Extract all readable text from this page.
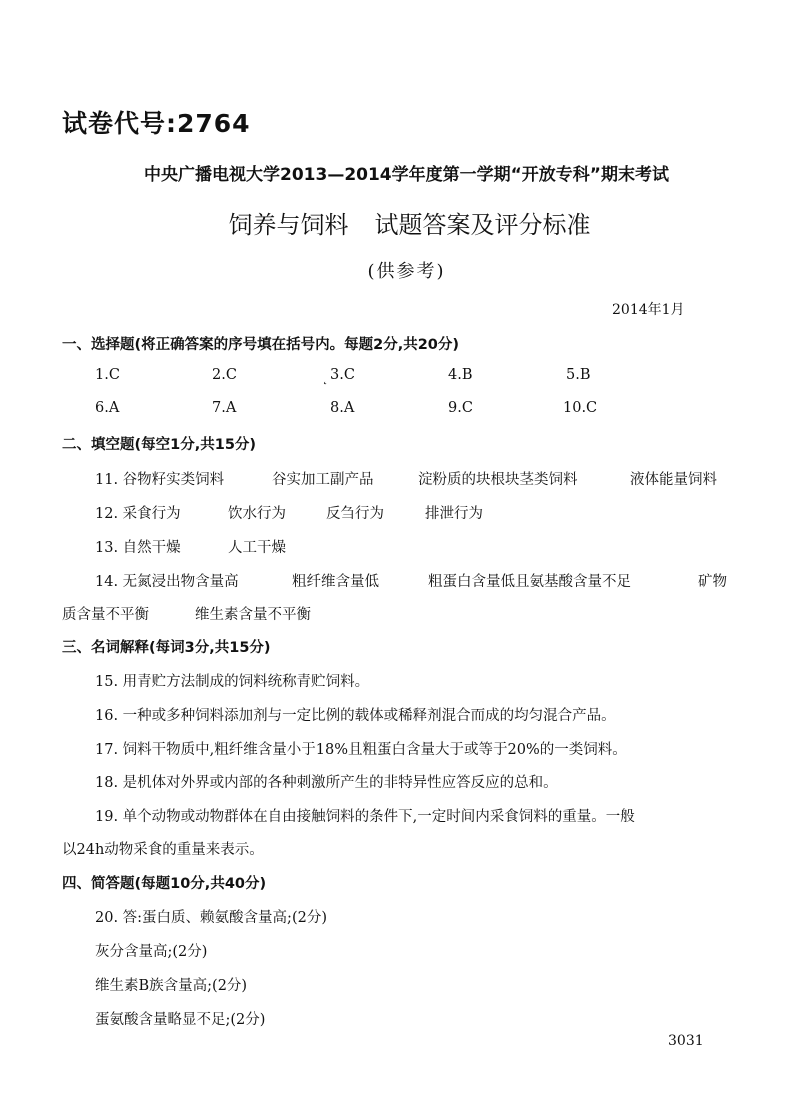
试卷代号:2764
中央广播电视大学2013—2014学年度第一学期“开放专科”期末考试
饲养与饲料 试题答案及评分标准
(供参考)
2014年1月
一、选择题(将正确答案的序号填在括号内。每题2分,共20分)
˛
1.C	2.C	3.C	4.B	5.B
6.A	7.A	8.A	9.C	10.C
二、填空题(每空1分,共15分)
11. 谷物籽实类饲料	谷实加工副产品	淀粉质的块根块茎类饲料	液体能量饲料
12. 采食行为	饮水行为	反刍行为	排泄行为
13. 自然干燥	人工干燥
14. 无氮浸出物含量高	粗纤维含量低	粗蛋白含量低且氨基酸含量不足	矿物
质含量不平衡	维生素含量不平衡
三、名词解释(每词3分,共15分)
15. 用青贮方法制成的饲料统称青贮饲料。
16. 一种或多种饲料添加剂与一定比例的载体或稀释剂混合而成的均匀混合产品。
17. 饲料干物质中,粗纤维含量小于18%且粗蛋白含量大于或等于20%的一类饲料。
18. 是机体对外界或内部的各种刺激所产生的非特异性应答反应的总和。
19. 单个动物或动物群体在自由接触饲料的条件下,一定时间内采食饲料的重量。一般
以24h动物采食的重量来表示。
四、简答题(每题10分,共40分)
20. 答:蛋白质、赖氨酸含量高;(2分)
灰分含量高;(2分)
维生素B族含量高;(2分)
蛋氨酸含量略显不足;(2分)
3031
